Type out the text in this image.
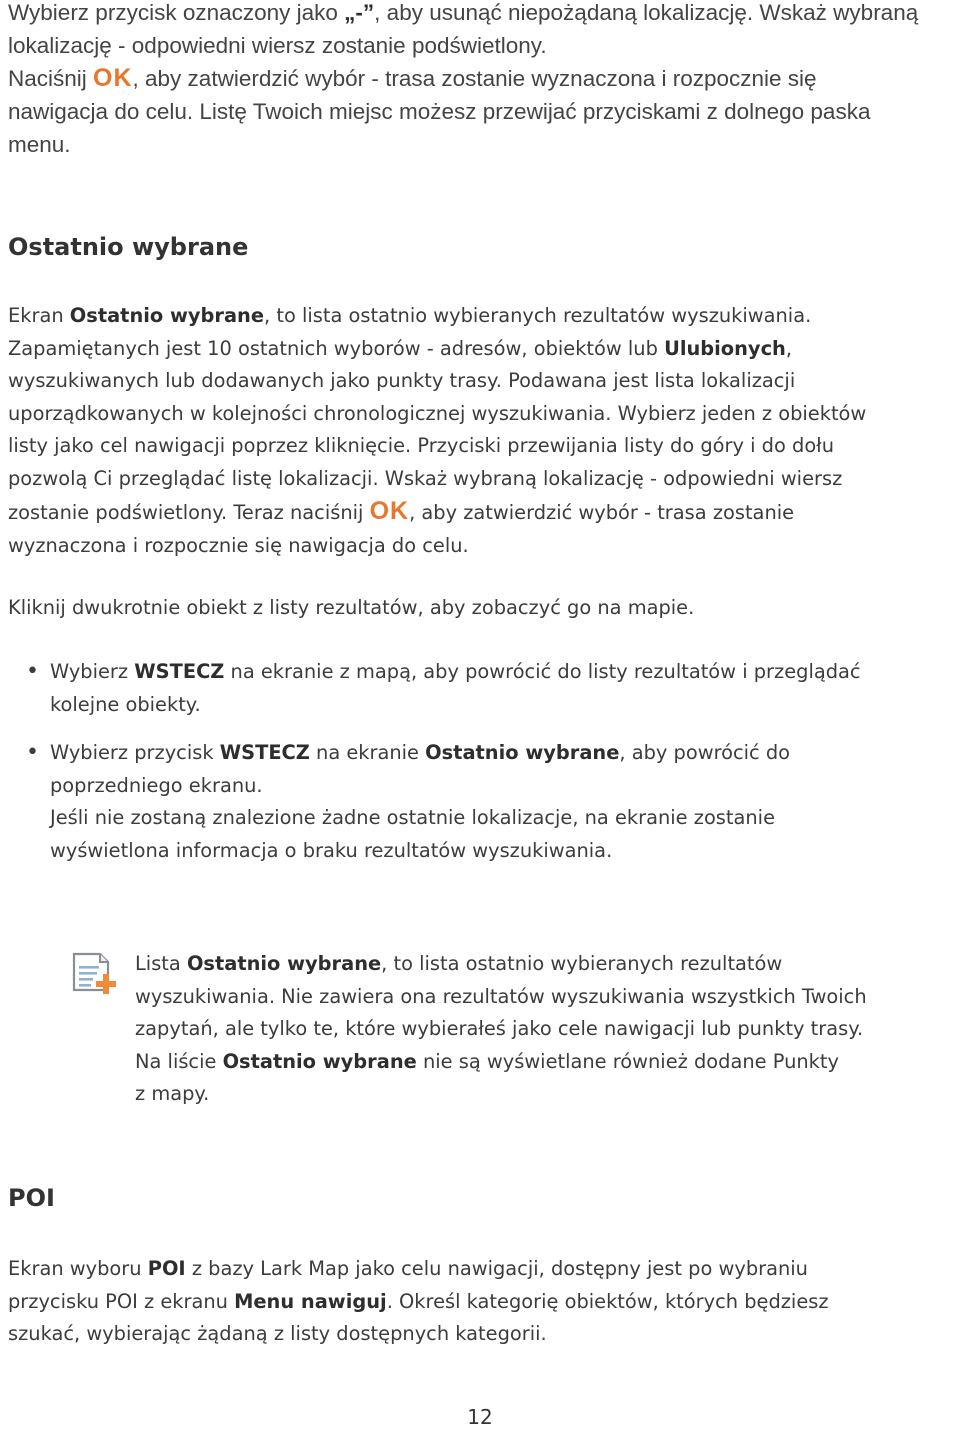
Wybierz przycisk oznaczony jako „-”, aby usunąć niepożądaną lokalizację. Wskaż wybraną
lokalizację - odpowiedni wiersz zostanie podświetlony.
Naciśnij OK, aby zatwierdzić wybór - trasa zostanie wyznaczona i rozpocznie się
nawigacja do celu. Listę Twoich miejsc możesz przewijać przyciskami z dolnego paska
menu.
Ostatnio wybrane
Ekran Ostatnio wybrane, to lista ostatnio wybieranych rezultatów wyszukiwania.
Zapamiętanych jest 10 ostatnich wyborów - adresów, obiektów lub Ulubionych,
wyszukiwanych lub dodawanych jako punkty trasy. Podawana jest lista lokalizacji
uporządkowanych w kolejności chronologicznej wyszukiwania. Wybierz jeden z obiektów
listy jako cel nawigacji poprzez kliknięcie. Przyciski przewijania listy do góry i do dołu
pozwolą Ci przeglądać listę lokalizacji. Wskaż wybraną lokalizację - odpowiedni wiersz
zostanie podświetlony. Teraz naciśnij OK, aby zatwierdzić wybór - trasa zostanie
wyznaczona i rozpocznie się nawigacja do celu.
Kliknij dwukrotnie obiekt z listy rezultatów, aby zobaczyć go na mapie.
• Wybierz WSTECZ na ekranie z mapą, aby powrócić do listy rezultatów i przeglądać
kolejne obiekty.
• Wybierz przycisk WSTECZ na ekranie Ostatnio wybrane, aby powrócić do
poprzedniego ekranu.
Jeśli nie zostaną znalezione żadne ostatnie lokalizacje, na ekranie zostanie
wyświetlona informacja o braku rezultatów wyszukiwania.
Lista Ostatnio wybrane, to lista ostatnio wybieranych rezultatów
wyszukiwania. Nie zawiera ona rezultatów wyszukiwania wszystkich Twoich
zapytań, ale tylko te, które wybierałeś jako cele nawigacji lub punkty trasy.
Na liście Ostatnio wybrane nie są wyświetlane również dodane Punkty
z mapy.
POI
Ekran wyboru POI z bazy Lark Map jako celu nawigacji, dostępny jest po wybraniu
przycisku POI z ekranu Menu nawiguj. Określ kategorię obiektów, których będziesz
szukać, wybierając żądaną z listy dostępnych kategorii.
12
